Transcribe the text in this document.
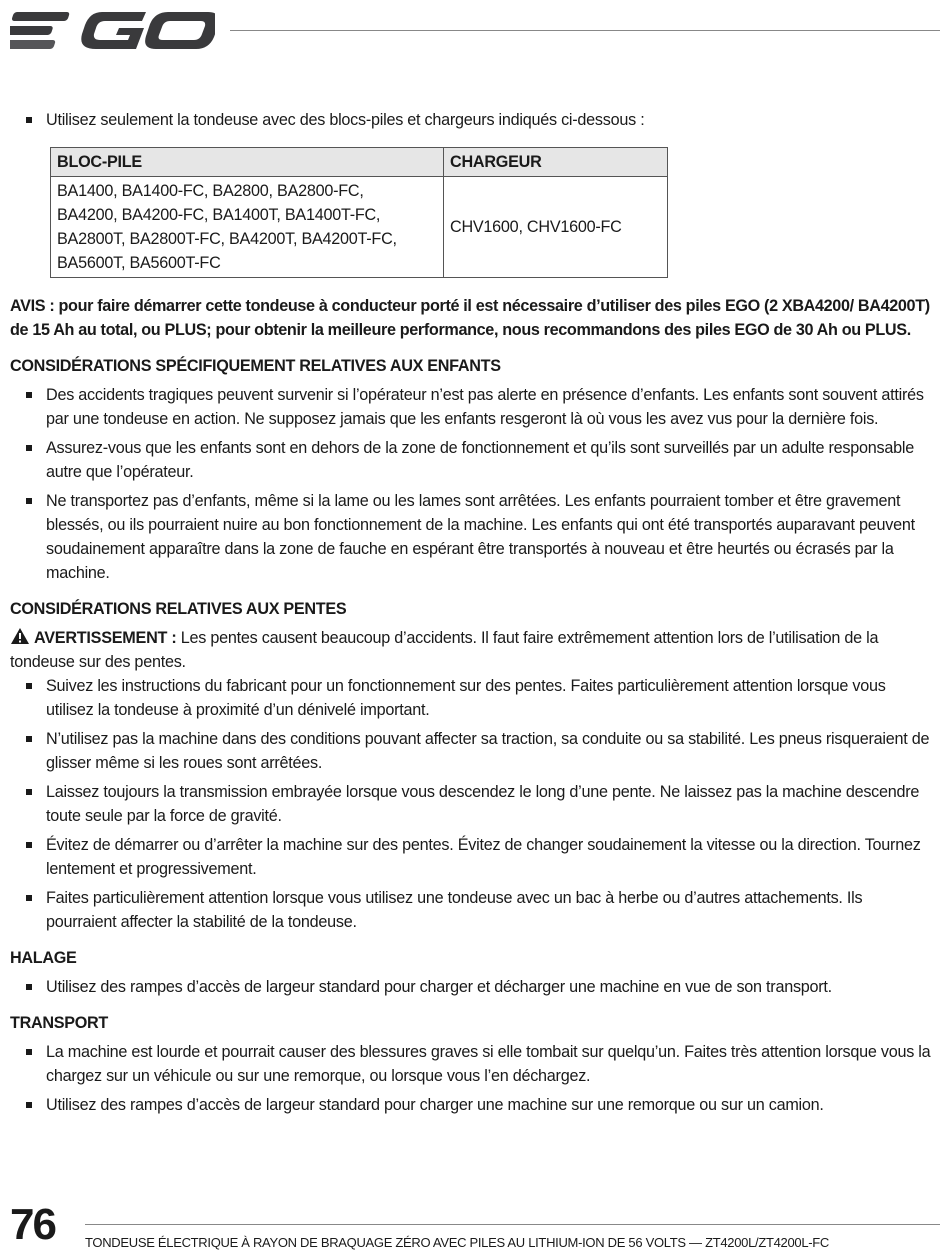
Utilisez seulement la tondeuse avec des blocs-piles et chargeurs indiqués ci-dessous :
BLOC-PILE	CHARGEUR

BA1400, BA1400-FC, BA2800, BA2800-FC,
BA4200, BA4200-FC, BA1400T, BA1400T-FC,
BA2800T, BA2800T-FC, BA4200T, BA4200T-FC,
BA5600T, BA5600T-FC	CHV1600, CHV1600-FC
AVIS : pour faire démarrer cette tondeuse à conducteur porté il est nécessaire d’utiliser des piles EGO (2 XBA4200/ BA4200T) de 15 Ah au total, ou PLUS; pour obtenir la meilleure performance, nous recommandons des piles EGO de 30 Ah ou PLUS.
CONSIDÉRATIONS SPÉCIFIQUEMENT RELATIVES AUX ENFANTS
Des accidents tragiques peuvent survenir si l’opérateur n’est pas alerte en présence d’enfants. Les enfants sont souvent attirés par une tondeuse en action. Ne supposez jamais que les enfants resgeront là où vous les avez vus pour la dernière fois.
Assurez-vous que les enfants sont en dehors de la zone de fonctionnement et qu’ils sont surveillés par un adulte responsable autre que l’opérateur.
Ne transportez pas d’enfants, même si la lame ou les lames sont arrêtées. Les enfants pourraient tomber et être gravement blessés, ou ils pourraient nuire au bon fonctionnement de la machine. Les enfants qui ont été transportés auparavant peuvent soudainement apparaître dans la zone de fauche en espérant être transportés à nouveau et être heurtés ou écrasés par la machine.
CONSIDÉRATIONS RELATIVES AUX PENTES
AVERTISSEMENT : Les pentes causent beaucoup d’accidents. Il faut faire extrêmement attention lors de l’utilisation de la tondeuse sur des pentes.
Suivez les instructions du fabricant pour un fonctionnement sur des pentes. Faites particulièrement attention lorsque vous utilisez la tondeuse à proximité d’un dénivelé important.
N’utilisez pas la machine dans des conditions pouvant affecter sa traction, sa conduite ou sa stabilité. Les pneus risqueraient de glisser même si les roues sont arrêtées.
Laissez toujours la transmission embrayée lorsque vous descendez le long d’une pente. Ne laissez pas la machine descendre toute seule par la force de gravité.
Évitez de démarrer ou d’arrêter la machine sur des pentes. Évitez de changer soudainement la vitesse ou la direction. Tournez lentement et progressivement.
Faites particulièrement attention lorsque vous utilisez une tondeuse avec un bac à herbe ou d’autres attachements. Ils pourraient affecter la stabilité de la tondeuse.
HALAGE
Utilisez des rampes d’accès de largeur standard pour charger et décharger une machine en vue de son transport.
TRANSPORT
La machine est lourde et pourrait causer des blessures graves si elle tombait sur quelqu’un. Faites très attention lorsque vous la chargez sur un véhicule ou sur une remorque, ou lorsque vous l’en déchargez.
Utilisez des rampes d’accès de largeur standard pour charger une machine sur une remorque ou sur un camion.
76 TONDEUSE ÉLECTRIQUE À RAYON DE BRAQUAGE ZÉRO AVEC PILES AU LITHIUM-ION DE 56 VOLTS — ZT4200L/ZT4200L-FC
